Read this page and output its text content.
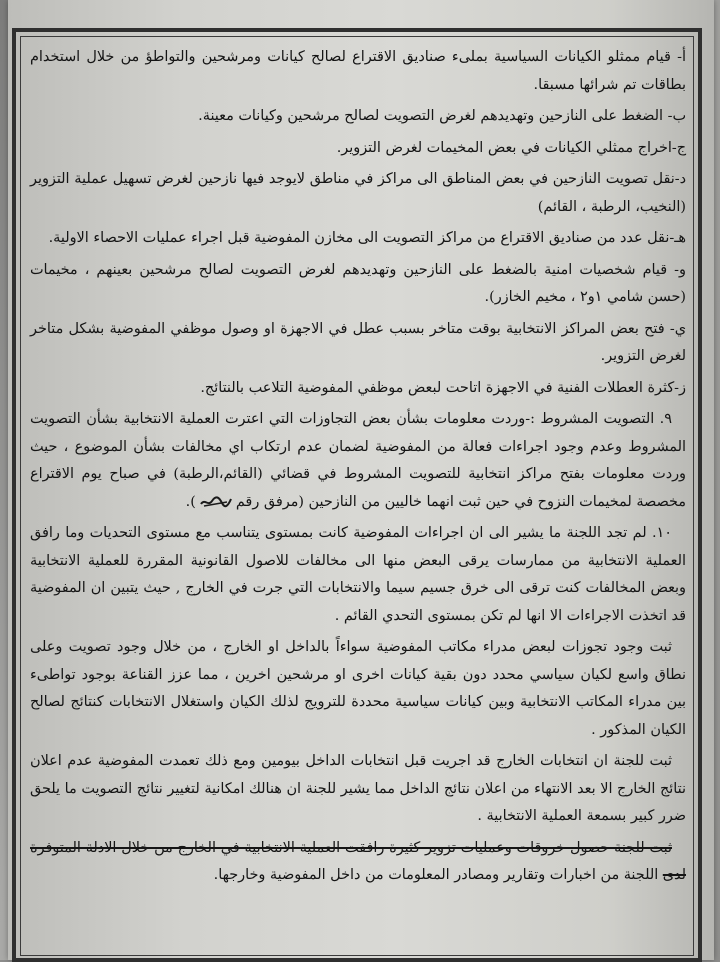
أ- قيام ممثلو الكيانات السياسية بملىء صناديق الاقتراع لصالح كيانات ومرشحين والتواطؤ من خلال استخدام بطاقات تم شرائها مسبقا.

ب- الضغط على النازحين وتهديدهم لغرض التصويت لصالح مرشحين وكيانات معينة.

ج-اخراج ممثلي الكيانات في بعض المخيمات لغرض التزوير.

د-نقل تصويت النازحين في بعض المناطق الى مراكز في مناطق لايوجد فيها نازحين لغرض تسهيل عملية التزوير (النخيب، الرطبة ، القائم)

هـ-نقل عدد من صناديق الاقتراع من مراكز التصويت الى مخازن المفوضية قبل اجراء عمليات الاحصاء الاولية.

و- قيام شخصيات امنية بالضغط على النازحين وتهديدهم لغرض التصويت لصالح مرشحين بعينهم ، مخيمات (حسن شامي ١و٢ ، مخيم الخازر).

ي- فتح بعض المراكز الانتخابية بوقت متاخر بسبب عطل في الاجهزة او وصول موظفي المفوضية بشكل متاخر لغرض التزوير.

ز-كثرة العطلات الفنية في الاجهزة اتاحت لبعض موظفي المفوضية التلاعب بالنتائج.

٩. التصويت المشروط :-وردت معلومات بشأن بعض التجاوزات التي اعترت العملية الانتخابية بشأن التصويت المشروط وعدم وجود اجراءات فعالة من المفوضية لضمان عدم ارتكاب اي مخالفات بشأن الموضوع ، حيث وردت معلومات بفتح مراكز انتخابية للتصويت المشروط في قضائي (القائم،الرطبة) في صباح يوم الاقتراع مخصصة لمخيمات النزوح في حين ثبت انهما خاليين من النازحين (مرفق رقم
).

١٠. لم تجد اللجنة ما يشير الى ان اجراءات المفوضية كانت بمستوى يتناسب مع مستوى التحديات وما رافق العملية الانتخابية من ممارسات يرقى البعض منها الى مخالفات للاصول القانونية المقررة للعملية الانتخابية وبعض المخالفات كنت ترقى الى خرق جسيم سيما والانتخابات التي جرت في الخارج , حيث يتبين ان المفوضية قد اتخذت الاجراءات الا انها لم تكن بمستوى التحدي القائم .

ثبت وجود تجوزات لبعض مدراء مكاتب المفوضية سواءاً بالداخل او الخارج ، من خلال وجود تصويت وعلى نطاق واسع لكيان سياسي محدد دون بقية كيانات اخرى او مرشحين اخرين ، مما عزز القناعة بوجود تواطىء بين مدراء المكاتب الانتخابية وبين كيانات سياسية محددة للترويج لذلك الكيان واستغلال الانتخابات كنتائج لصالح الكيان المذكور .

ثبت للجنة ان انتخابات الخارج قد اجريت قبل انتخابات الداخل بيومين ومع ذلك تعمدت المفوضية عدم اعلان نتائج الخارج الا بعد الانتهاء من اعلان نتائج الداخل مما يشير للجنة ان هنالك امكانية لتغيير نتائج التصويت ما يلحق ضرر كبير بسمعة العملية الانتخابية .

ثبت للجنة حصول خروقات وعمليات تزوير كثيرة رافقت العملية الانتخابية في الخارج من خلال الادلة المتوفرة لدى اللجنة من اخبارات وتقارير ومصادر المعلومات من داخل المفوضية وخارجها.
